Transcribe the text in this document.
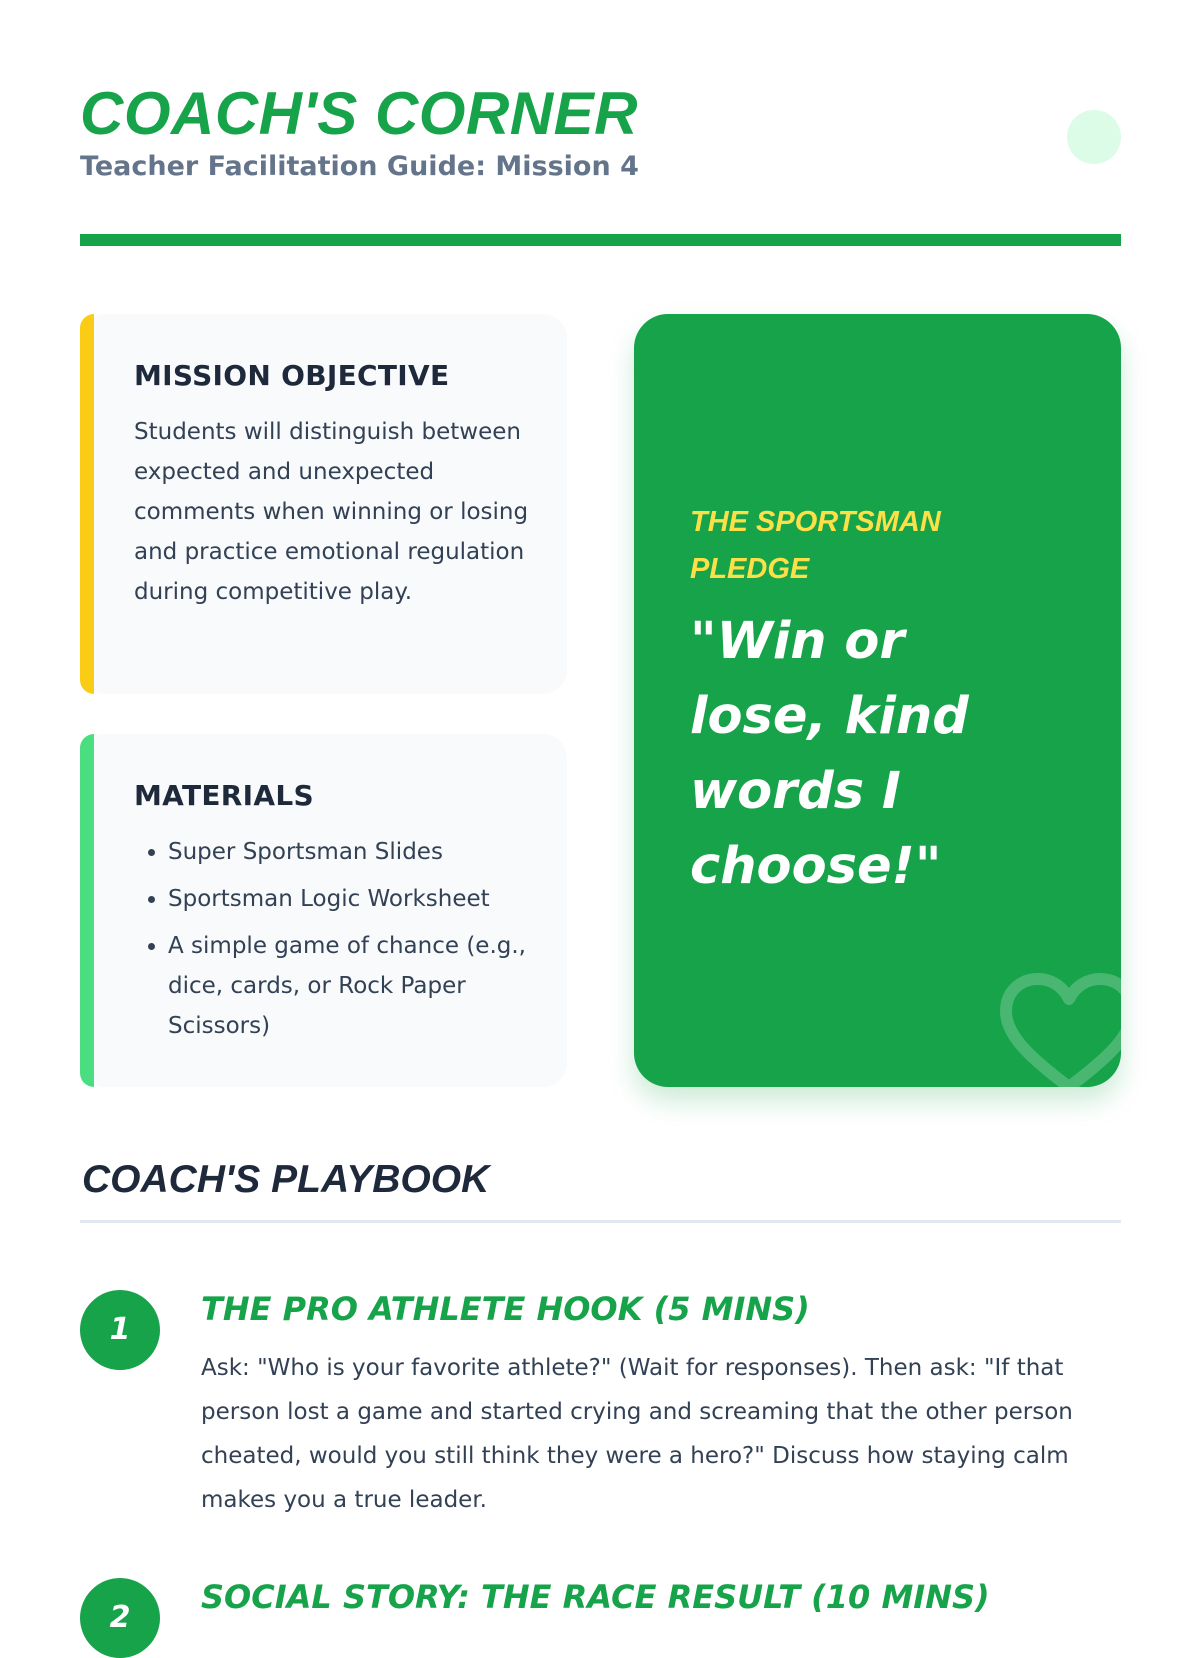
COACH'S CORNER

Teacher Facilitation Guide: Mission 4

MISSION OBJECTIVE

Students will distinguish between expected and unexpected comments when winning or losing and practice emotional regulation during competitive play.

MATERIALS
• Super Sportsman Slides
• Sportsman Logic Worksheet
• A simple game of chance (e.g., dice, cards, or Rock Paper Scissors)

THE SPORTSMAN PLEDGE

"Win or lose, kind words I choose!"

COACH'S PLAYBOOK
1
THE PRO ATHLETE HOOK (5 MINS)

Ask: "Who is your favorite athlete?" (Wait for responses). Then ask: "If that person lost a game and started crying and screaming that the other person cheated, would you still think they were a hero?" Discuss how staying calm makes you a true leader.

2
SOCIAL STORY: THE RACE RESULT (10 MINS)
